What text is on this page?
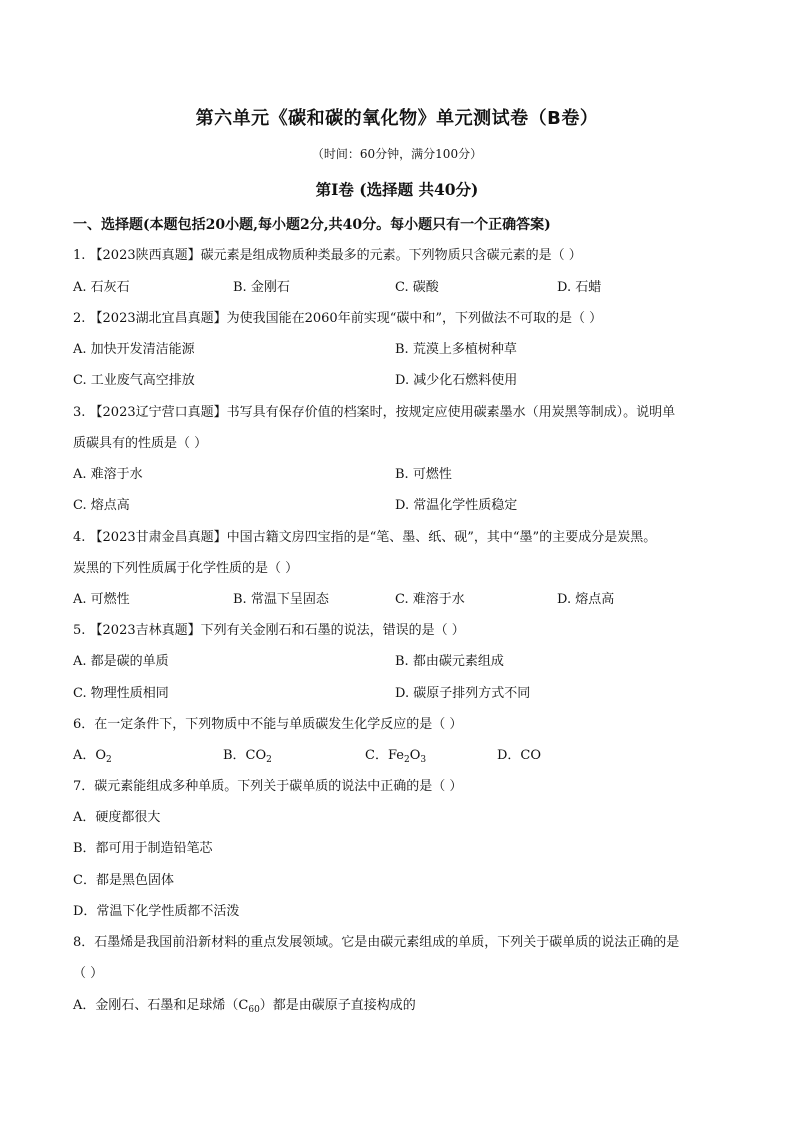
第六单元《碳和碳的氧化物》单元测试卷（B卷）
（时间：60分钟，满分100分）
第Ⅰ卷 (选择题 共40分)
一、选择题(本题包括20小题,每小题2分,共40分。每小题只有一个正确答案)
1. 【2023陕西真题】碳元素是组成物质种类最多的元素。下列物质只含碳元素的是（ ）
A. 石灰石	B. 金刚石	C. 碳酸	D. 石蜡
2. 【2023湖北宜昌真题】为使我国能在2060年前实现“碳中和”，下列做法不可取的是（ ）
A. 加快开发清洁能源	B. 荒漠上多植树种草
C. 工业废气高空排放	D. 减少化石燃料使用
3. 【2023辽宁营口真题】书写具有保存价值的档案时，按规定应使用碳素墨水（用炭黑等制成）。说明单
质碳具有的性质是（ ）
A. 难溶于水	B. 可燃性
C. 熔点高	D. 常温化学性质稳定
4. 【2023甘肃金昌真题】中国古籍文房四宝指的是“笔、墨、纸、砚”，其中“墨”的主要成分是炭黑。
炭黑的下列性质属于化学性质的是（ ）
A. 可燃性	B. 常温下呈固态	C. 难溶于水	D. 熔点高
5. 【2023吉林真题】下列有关金刚石和石墨的说法，错误的是（ ）
A. 都是碳的单质	B. 都由碳元素组成
C. 物理性质相同	D. 碳原子排列方式不同
6．在一定条件下，下列物质中不能与单质碳发生化学反应的是（ ）
A．$O_2$	B．$CO_2$	C．$Fe_2O_3$	D．CO
7．碳元素能组成多种单质。下列关于碳单质的说法中正确的是（ ）
A．硬度都很大
B．都可用于制造铅笔芯
C．都是黑色固体
D．常温下化学性质都不活泼
8．石墨烯是我国前沿新材料的重点发展领域。它是由碳元素组成的单质，下列关于碳单质的说法正确的是
（ ）
A．金刚石、石墨和足球烯$(C_{60})$都是由碳原子直接构成的
